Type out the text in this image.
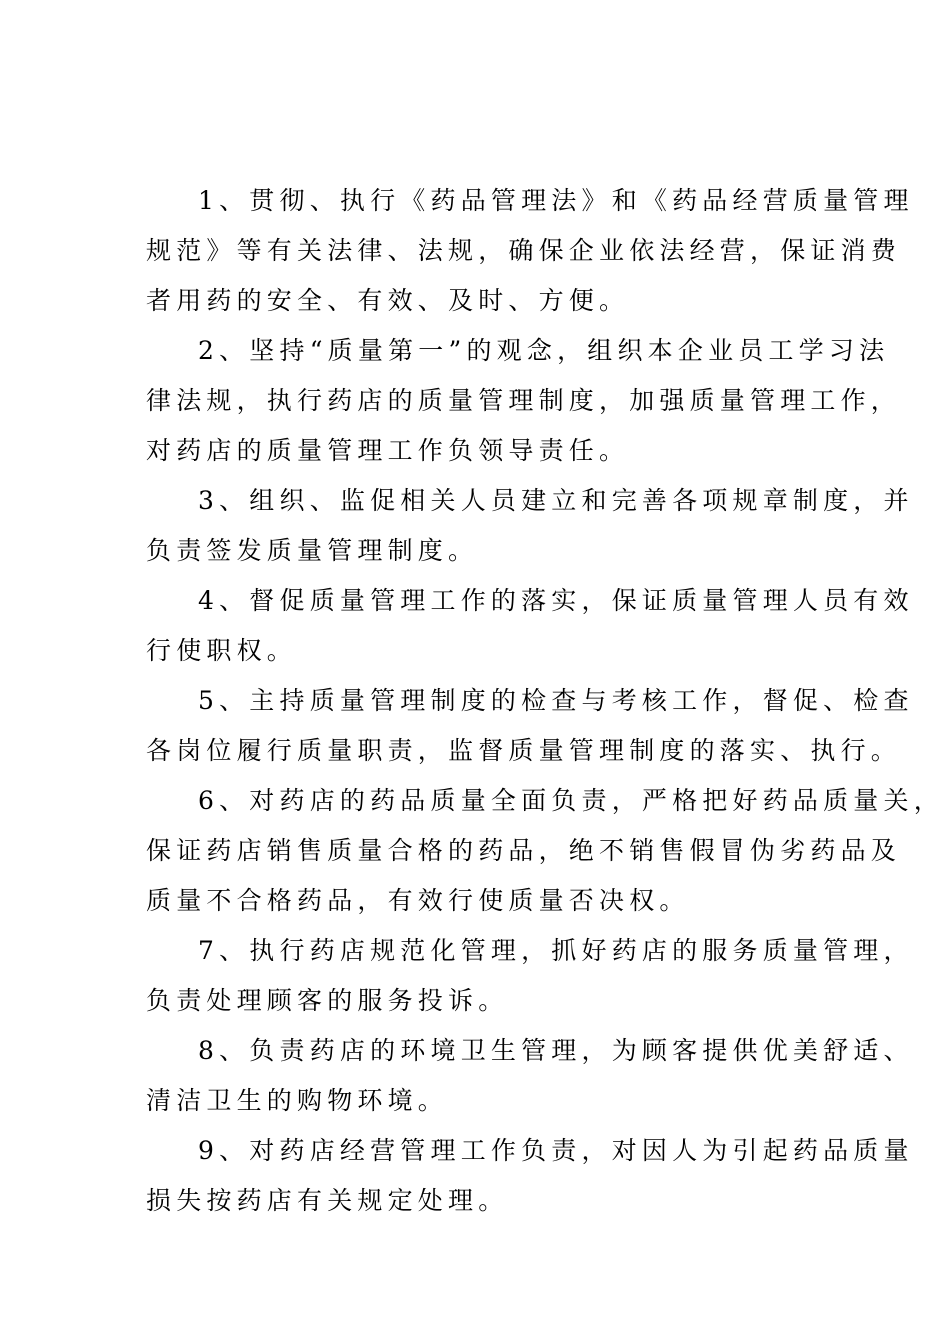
1、贯彻、执行《药品管理法》和《药品经营质量管理
规范》等有关法律、法规，确保企业依法经营，保证消费
者用药的安全、有效、及时、方便。
2、坚持“质量第一”的观念，组织本企业员工学习法
律法规，执行药店的质量管理制度，加强质量管理工作，
对药店的质量管理工作负领导责任。
3、组织、监促相关人员建立和完善各项规章制度，并
负责签发质量管理制度。
4、督促质量管理工作的落实，保证质量管理人员有效
行使职权。
5、主持质量管理制度的检查与考核工作，督促、检查
各岗位履行质量职责，监督质量管理制度的落实、执行。
6、对药店的药品质量全面负责，严格把好药品质量关，
保证药店销售质量合格的药品，绝不销售假冒伪劣药品及
质量不合格药品，有效行使质量否决权。
7、执行药店规范化管理，抓好药店的服务质量管理，
负责处理顾客的服务投诉。
8、负责药店的环境卫生管理，为顾客提供优美舒适、
清洁卫生的购物环境。
9、对药店经营管理工作负责，对因人为引起药品质量
损失按药店有关规定处理。
